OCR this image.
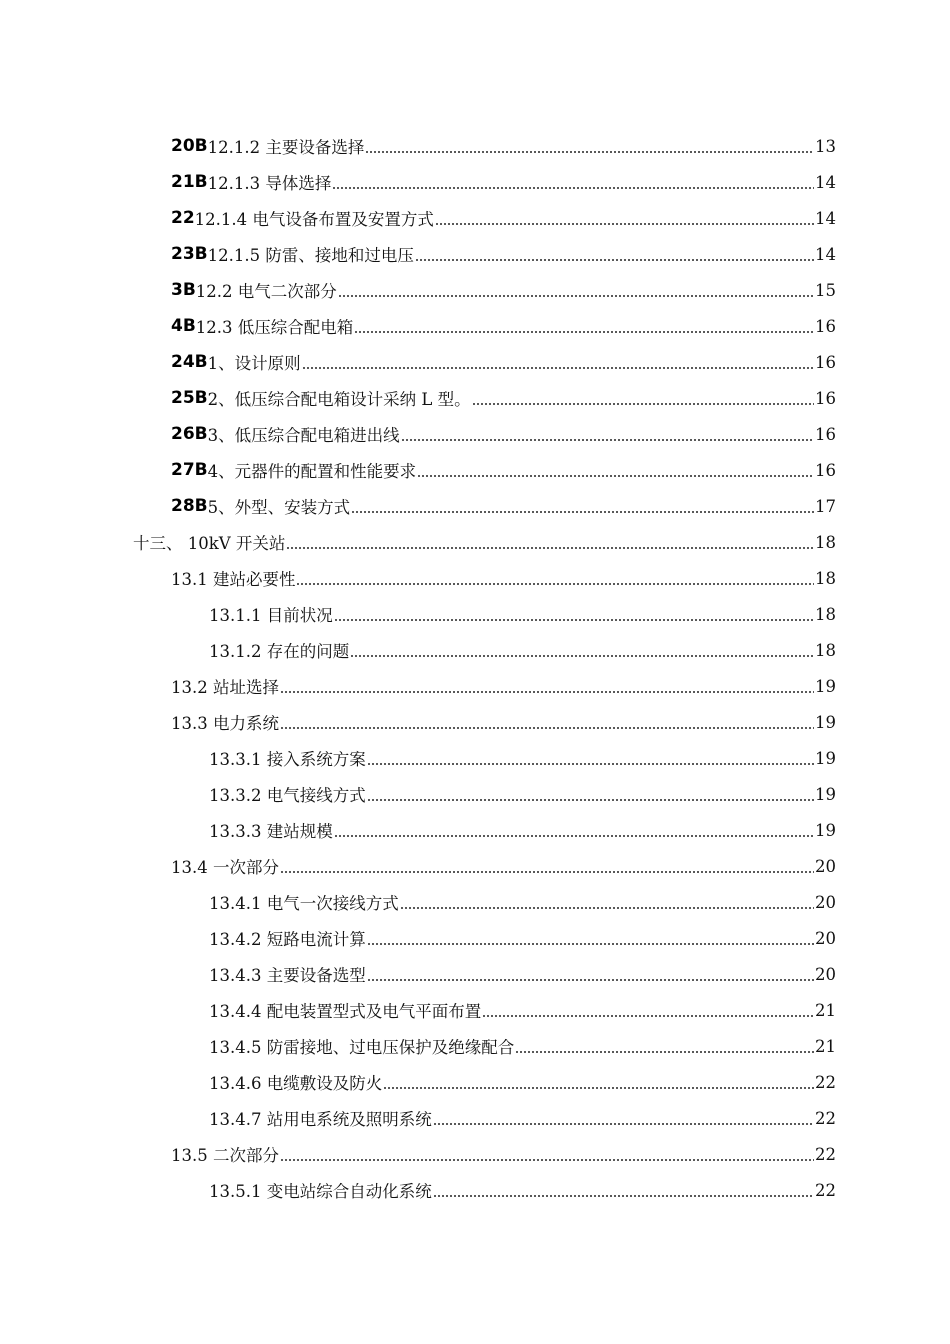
20B 12.1.2 主要设备选择	13
21B 12.1.3 导体选择	14
22 12.1.4 电气设备布置及安置方式	14
23B 12.1.5 防雷、接地和过电压	14
3B 12.2 电气二次部分	15
4B 12.3 低压综合配电箱	16
24B 1、设计原则	16
25B 2、低压综合配电箱设计采纳 L 型。	16
26B 3、低压综合配电箱进出线	16
27B 4、元器件的配置和性能要求	16
28B 5、外型、安装方式	17
十三、 10kV 开关站	18
13.1 建站必要性	18
13.1.1 目前状况	18
13.1.2 存在的问题	18
13.2 站址选择	19
13.3 电力系统	19
13.3.1 接入系统方案	19
13.3.2 电气接线方式	19
13.3.3 建站规模	19
13.4 一次部分	20
13.4.1 电气一次接线方式	20
13.4.2 短路电流计算	20
13.4.3 主要设备选型	20
13.4.4 配电装置型式及电气平面布置	21
13.4.5 防雷接地、过电压保护及绝缘配合	21
13.4.6 电缆敷设及防火	22
13.4.7 站用电系统及照明系统	22
13.5 二次部分	22
13.5.1 变电站综合自动化系统	22
